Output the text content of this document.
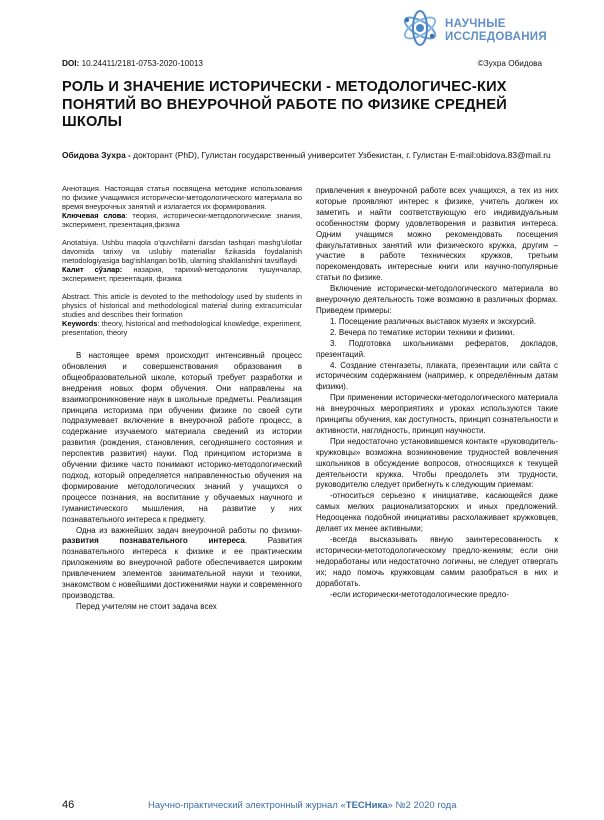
НАУЧНЫЕ
ИССЛЕДОВАНИЯ
DOI: 10.24411/2181-0753-2020-10013	©Зухра Обидова
РОЛЬ И ЗНАЧЕНИЕ ИСТОРИЧЕСКИ - МЕТОДОЛОГИЧЕС-КИХ ПОНЯТИЙ ВО ВНЕУРОЧНОЙ РАБОТЕ ПО ФИЗИКЕ СРЕДНЕЙ ШКОЛЫ
Обидова Зухра - докторант (PhD), Гулистан государственный университет Узбекистан, г. Гулистан E-mail:obidova.83@mail.ru
Аннотация. Настоящая статья посвящена методике использования по физике учащимися исторически-методологического материала во время внеурочных занятий и излагается их формирования.
Ключевая слова: теория, исторически-методологические знания, эксперимент, презентация,физика
Аnotatsiya. Ushbu maqola o'quvchilarni darsdan tashqari mashg'ulotlar davomida tarixiy va uslubiy materiallar fizikasida foydalanish metodologiyasiga bag'ishlangan bo'lib, ularning shakllanishini tavsiflaydi
Калит сўзлар: назария, тарихий-методологик тушунчалар, эксперимент, презентация, физика
Abstract. This article is devoted to the methodology used by students in physics of historical and methodological material during extracurricular studies and describes their formation
Keywords: theory, historical and methodological knowledge, experiment, presentation, theory

В настоящее время происходит интенсивный процесс обновления и совершенствования образования в общеобразовательной школе, который требует разработки и внедрения новых форм обучения. Они направлены на взаимопроникновение наук в школьные предметы. Реализация принципа историзма при обучении физике по своей сути подразумевает включение в внеурочной работе процесс, в содержание изучаемого материала сведений из истории развития (рождения, становления, сегодняшнего состояния и перспектив развития) науки. Под принципом историзма в обучении физике часто понимают историко-методологический подход, который определяется направленностью обучения на формирование методологических знаний у учащихся о процессе познания, на воспитание у обучаемых научного и гуманистического мышления, на развитие у них познавательного интереса к предмету.

Одна из важнейших задач внеурочной работы по физики-развития познавательного интереса. Развития познавательного интереса к физике и ее практическим приложениям во внеурочной работе обеспечивается широким привлечением элементов занимательной науки и техники, знакомством с новейшими достижениями науки и современного производства.

Перед учителям не стоит задача всех

привлечения к внеурочной работе всех учащихся, а тех из них которые проявляют интерес к физике, учитель должен их заметить и найти соответствующую его индивидуальным особенностям форму удовлетворения и развития интереса. Одним учащимся можно рекомендовать посещения факультативных занятий или физического кружка, другим – участие в работе технических кружков, третьим порекомендовать интересные книги или научно-популярные статьи по физике.

Включение исторически-методологического материала во внеурочную деятельность тоже возможно в различных формах. Приведем примеры:

1. Посещение различных выставок музеях и экскурсий.

2. Вечера по тематике истории техники и физики.

3. Подготовка школьниками рефератов, докладов, презентаций.

4. Создание стенгазеты, плаката, презентации или сайта с историческим содержанием (например, к определённым датам физики).

При применении исторически-методологического материала на внеурочных мероприятиях и уроках используются такие принципы обучения, как доступность, принцип сознательности и активности, наглядность, принцип научности.

При недостаточно установившемся контакте «руководитель-кружковцы» возможна возникновение трудностей вовлечения школьников в обсуждение вопросов, относящихся к текущей деятельности кружка. Чтобы преодолеть эти трудности, руководителю следует прибегнуть к следующим приемам:

-относиться серьезно к инициативе, касающейся даже самых мелких рационализаторских и иных предложений. Недооценка подобной инициативы расхолаживает кружковцев, делает их менее активными;

-всегда высказывать явную заинтересованность к исторически-метотодологическому предло-жениям; если они недоработаны или недостаточно логичны, не следует отвергать их; надо помочь кружковцам самим разобраться в них и доработать.

-если исторически-метотодологические предло-

46	Научно-практический электронный журнал «ТЕСНика» №2 2020 года
